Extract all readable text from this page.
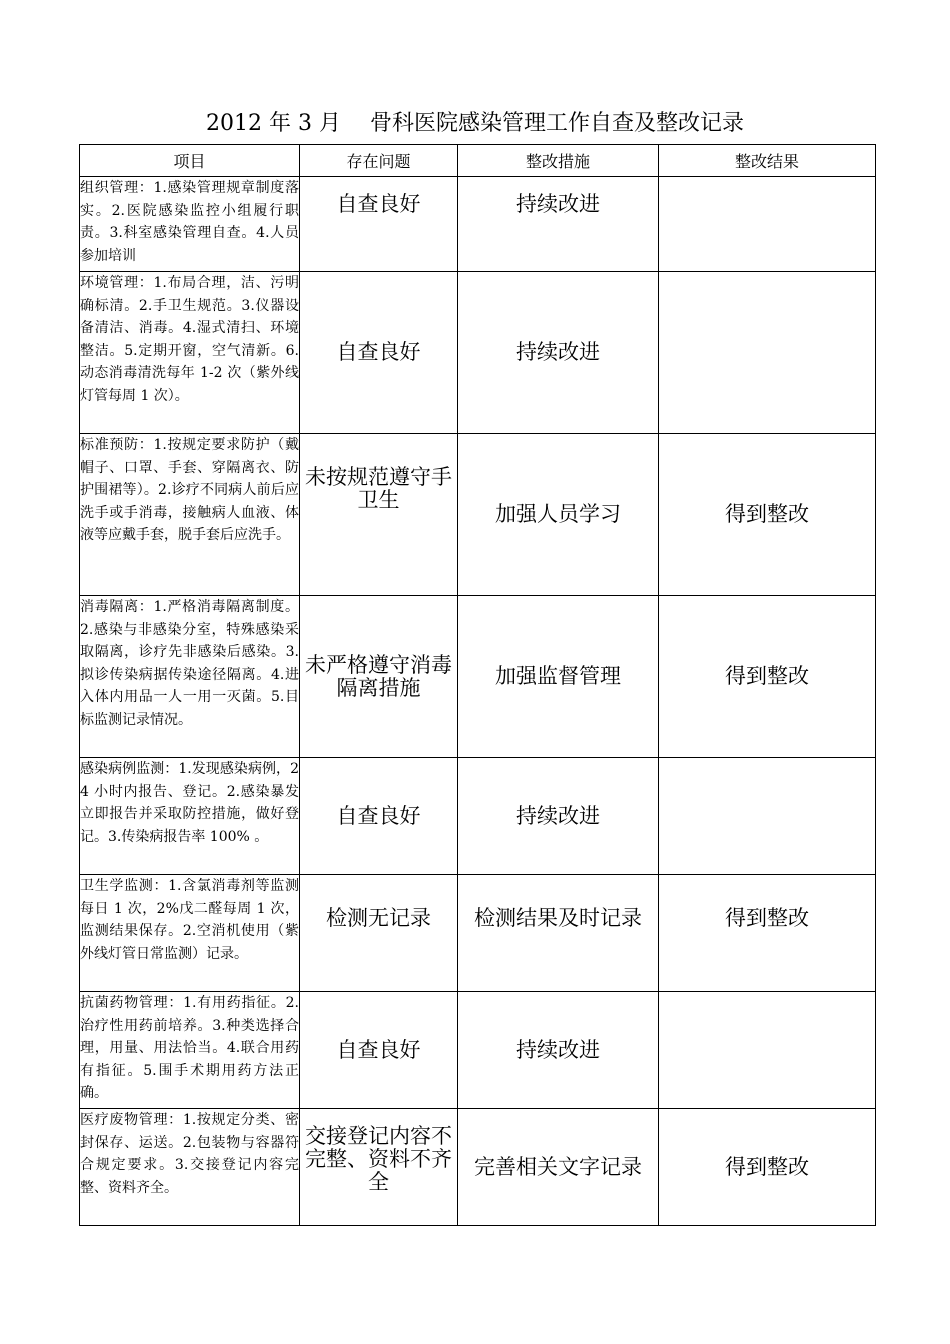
2012 年 3 月　 骨科医院感染管理工作自查及整改记录
项目	存在问题	整改措施	整改结果
组织管理：1.感染管理规章制度落实。2.医院感染监控小组履行职责。3.科室感染管理自查。4.人员参加培训	自查良好	持续改进	
环境管理：1.布局合理，洁、污明确标清。2.手卫生规范。3.仪器设备清洁、消毒。4.湿式清扫、环境整洁。5.定期开窗，空气清新。6.动态消毒清洗每年 1-2 次（紫外线灯管每周 1 次）。	自查良好	持续改进	
标准预防：1.按规定要求防护（戴帽子、口罩、手套、穿隔离衣、防护围裙等）。2.诊疗不同病人前后应洗手或手消毒，接触病人血液、体液等应戴手套，脱手套后应洗手。	未按规范遵守手卫生	加强人员学习	得到整改
消毒隔离：1.严格消毒隔离制度。2.感染与非感染分室，特殊感染采取隔离，诊疗先非感染后感染。3.拟诊传染病据传染途径隔离。4.进入体内用品一人一用一灭菌。5.目标监测记录情况。	未严格遵守消毒隔离措施	加强监督管理	得到整改
感染病例监测：1.发现感染病例，24 小时内报告、登记。2.感染暴发立即报告并采取防控措施，做好登记。3.传染病报告率 100% 。	自查良好	持续改进	
卫生学监测：1.含氯消毒剂等监测每日 1 次，2%戊二醛每周 1 次，监测结果保存。2.空消机使用（紫外线灯管日常监测）记录。	检测无记录	检测结果及时记录	得到整改
抗菌药物管理：1.有用药指征。2.治疗性用药前培养。3.种类选择合理，用量、用法恰当。4.联合用药有指征。5.围手术期用药方法正确。	自查良好	持续改进	
医疗废物管理：1.按规定分类、密封保存、运送。2.包装物与容器符合规定要求。3.交接登记内容完整、资料齐全。	交接登记内容不完整、资料不齐全	完善相关文字记录	得到整改
